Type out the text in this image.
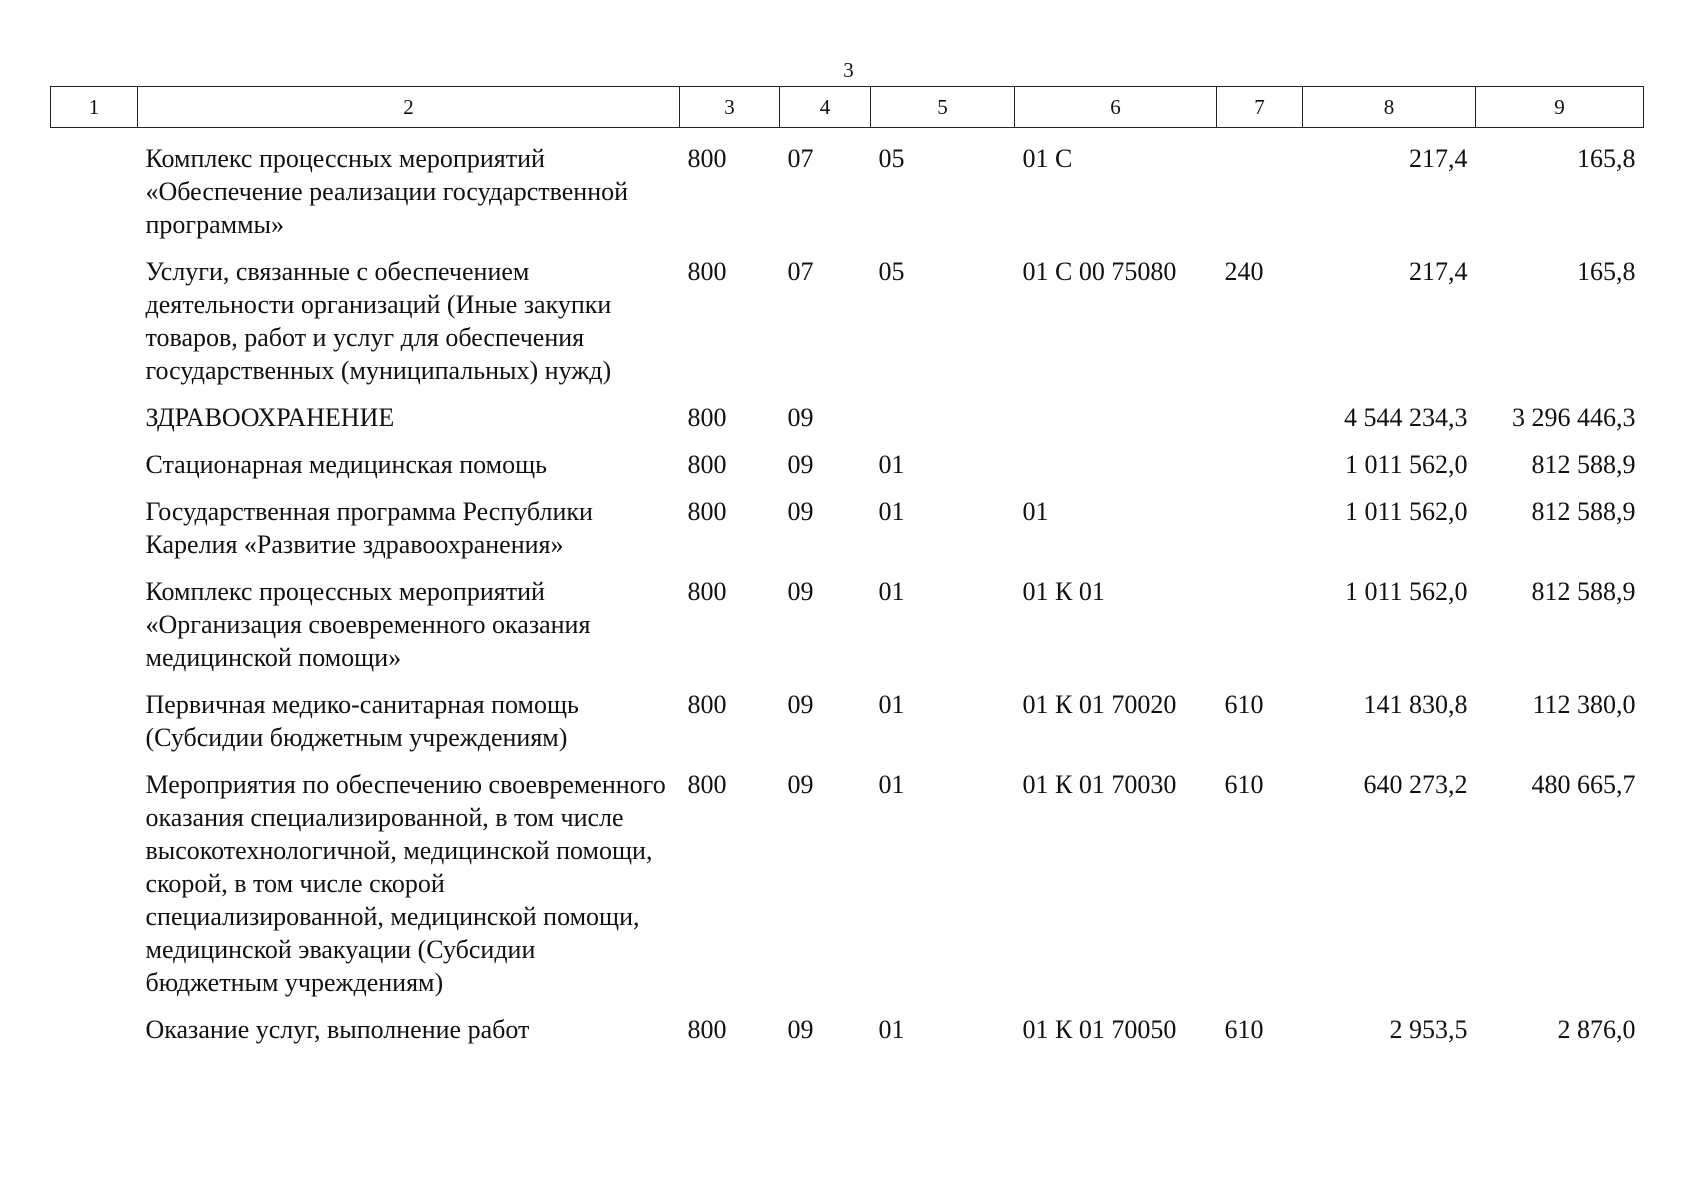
3
1	2	3	4	5	6	7	8	9
	Комплекс процессных мероприятий «Обеспечение реализации государственной программы»	800	07	05	01 С		217,4	165,8
	Услуги, связанные с обеспечением деятельности организаций (Иные закупки товаров, работ и услуг для обеспечения государственных (муниципальных) нужд)	800	07	05	01 С 00 75080	240	217,4	165,8
	ЗДРАВООХРАНЕНИЕ	800	09				4 544 234,3	3 296 446,3
	Стационарная медицинская помощь	800	09	01			1 011 562,0	812 588,9
	Государственная программа Республики Карелия «Развитие здравоохранения»	800	09	01	01		1 011 562,0	812 588,9
	Комплекс процессных мероприятий «Организация своевременного оказания медицинской помощи»	800	09	01	01 К 01		1 011 562,0	812 588,9
	Первичная медико-санитарная помощь (Субсидии бюджетным учреждениям)	800	09	01	01 К 01 70020	610	141 830,8	112 380,0
	Мероприятия по обеспечению своевременного оказания специализированной, в том числе высокотехнологичной, медицинской помощи, скорой, в том числе скорой специализированной, медицинской помощи, медицинской эвакуации (Субсидии бюджетным учреждениям)	800	09	01	01 К 01 70030	610	640 273,2	480 665,7
	Оказание услуг, выполнение работ	800	09	01	01 К 01 70050	610	2 953,5	2 876,0
